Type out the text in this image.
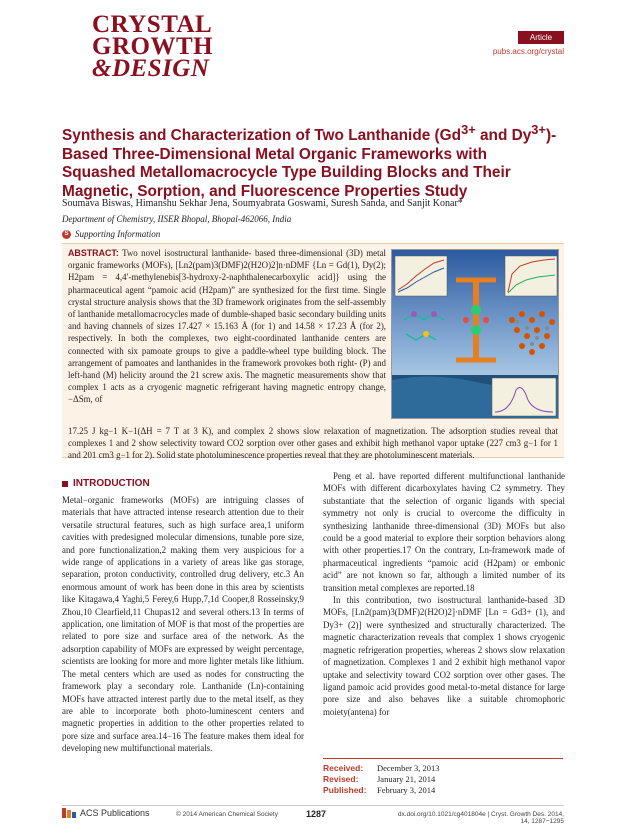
CRYSTAL
GROWTH
&DESIGN
Article
pubs.acs.org/crystal
Synthesis and Characterization of Two Lanthanide ($Gd^{3+}$ and $Dy^{3+}$)-Based Three-Dimensional Metal Organic Frameworks with Squashed Metallomacrocycle Type Building Blocks and Their Magnetic, Sorption, and Fluorescence Properties Study
Soumava Biswas, Himanshu Sekhar Jena, Soumyabrata Goswami, Suresh Sanda, and Sanjit Konar*
Department of Chemistry, IISER Bhopal, Bhopal-462066, India
S Supporting Information
ABSTRACT: Two novel isostructural lanthanide- based three-dimensional (3D) metal organic frameworks (MOFs), [Ln2(pam)3(DMF)2(H2O)2]n·nDMF {Ln = Gd(1), Dy(2); H2pam = 4,4′-methylenebis[3-hydroxy-2-naphthalenecarboxylic acid]} using the pharmaceutical agent “pamoic acid (H2pam)” are synthesized for the first time. Single crystal structure analysis shows that the 3D framework originates from the self-assembly of lanthanide metallomacrocycles made of dumble-shaped basic secondary building units and having channels of sizes 17.427 × 15.163 Å (for 1) and 14.58 × 17.23 Å (for 2), respectively. In both the complexes, two eight-coordinated lanthanide centers are connected with six pamoate groups to give a paddle-wheel type building block. The arrangement of pamoates and lanthanides in the framework provokes both right- (P) and left-hand (M) helicity around the 21 screw axis. The magnetic measurements show that complex 1 acts as a cryogenic magnetic refrigerant having magnetic entropy change, −ΔSm, of
17.25 J kg−1 K−1(ΔH = 7 T at 3 K), and complex 2 shows slow relaxation of magnetization. The adsorption studies reveal that complexes 1 and 2 show selectivity toward CO2 sorption over other gases and exhibit high methanol vapor uptake (227 cm3 g−1 for 1 and 201 cm3 g−1 for 2). Solid state photoluminescence properties reveal that they are photoluminescent materials.
INTRODUCTION
Metal−organic frameworks (MOFs) are intriguing classes of materials that have attracted intense research attention due to their versatile structural features, such as high surface area,1 uniform cavities with predesigned molecular dimensions, tunable pore size, and pore functionalization,2 making them very auspicious for a wide range of applications in a variety of areas like gas storage, separation, proton conductivity, controlled drug delivery, etc.3 An enormous amount of work has been done in this area by scientists like Kitagawa,4 Yaghi,5 Ferey,6 Hupp,7,1d Cooper,8 Rosseinsky,9 Zhou,10 Clearfield,11 Chupas12 and several others.13 In terms of application, one limitation of MOF is that most of the properties are related to pore size and surface area of the network. As the adsorption capability of MOFs are expressed by weight percentage, scientists are looking for more and more lighter metals like lithium. The metal centers which are used as nodes for constructing the framework play a secondary role. Lanthanide (Ln)-containing MOFs have attracted interest partly due to the metal itself, as they are able to incorporate both photo-luminescent centers and magnetic properties in addition to the other properties related to pore size and surface area.14−16 The feature makes them ideal for developing new multifunctional materials.

Peng et al. have reported different multifunctional lanthanide MOFs with different dicarboxylates having C2 symmetry. They substantiate that the selection of organic ligands with special symmetry not only is crucial to overcome the difficulty in synthesizing lanthanide three-dimensional (3D) MOFs but also could be a good material to explore their sorption behaviors along with other properties.17 On the contrary, Ln-framework made of pharmaceutical ingredients “pamoic acid (H2pam) or embonic acid” are not known so far, although a limited number of its transition metal complexes are reported.18

In this contribution, two isostructural lanthanide-based 3D MOFs, [Ln2(pam)3(DMF)2(H2O)2]·nDMF [Ln = Gd3+ (1), and Dy3+ (2)] were synthesized and structurally characterized. The magnetic characterization reveals that complex 1 shows cryogenic magnetic refrigeration properties, whereas 2 shows slow relaxation of magnetization. Complexes 1 and 2 exhibit high methanol vapor uptake and selectivity toward CO2 sorption over other gases. The ligand pamoic acid provides good metal-to-metal distance for large pore size and also behaves like a suitable chromophoric moiety(antena) for

Received: December 3, 2013
Revised: January 21, 2014
Published: February 3, 2014
ACS Publications	© 2014 American Chemical Society	1287	dx.doi.org/10.1021/cg401804e | Cryst. Growth Des. 2014, 14, 1287−1295
